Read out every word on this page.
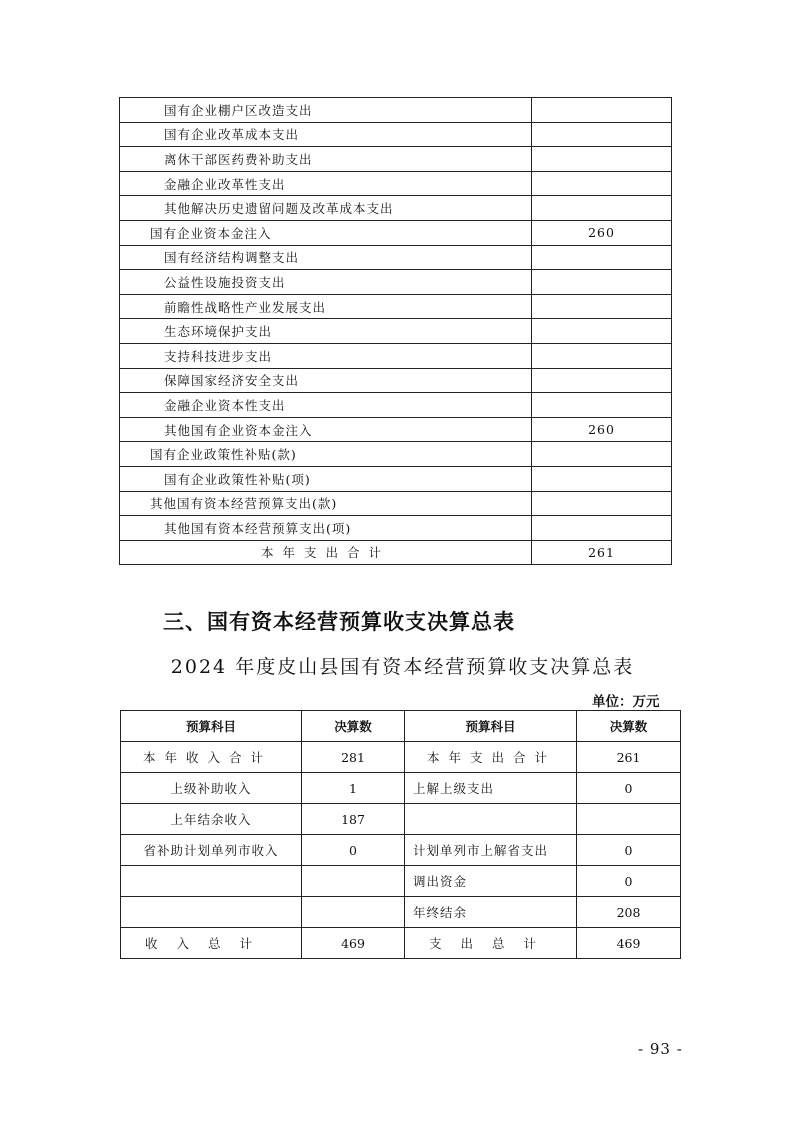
国有企业棚户区改造支出	
国有企业改革成本支出	
离休干部医药费补助支出	
金融企业改革性支出	
其他解决历史遗留问题及改革成本支出	
国有企业资本金注入	260
国有经济结构调整支出	
公益性设施投资支出	
前瞻性战略性产业发展支出	
生态环境保护支出	
支持科技进步支出	
保障国家经济安全支出	
金融企业资本性支出	
其他国有企业资本金注入	260
国有企业政策性补贴(款)	
国有企业政策性补贴(项)	
其他国有资本经营预算支出(款)	
其他国有资本经营预算支出(项)	
本年支出合计	261
三、国有资本经营预算收支决算总表
2024 年度皮山县国有资本经营预算收支决算总表
单位：万元
预算科目	决算数	预算科目	决算数
本年收入合计	281	本年支出合计	261
上级补助收入	1	上解上级支出	0
上年结余收入	187		
省补助计划单列市收入	0	计划单列市上解省支出	0
		调出资金	0
		年终结余	208
收入总计	469	支出总计	469
- 93 -
